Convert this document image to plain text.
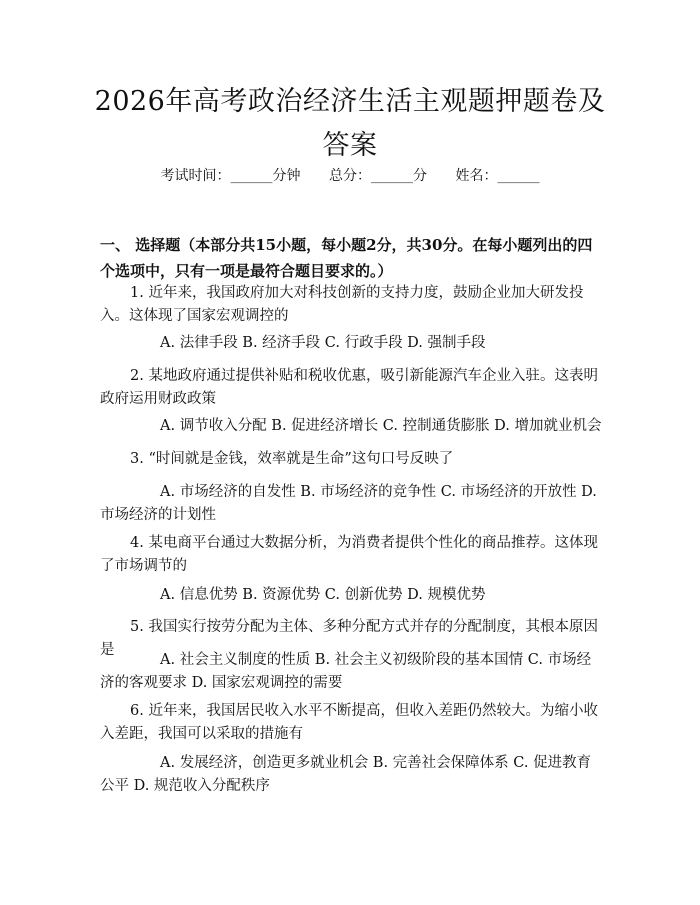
2026年高考政治经济生活主观题押题卷及答案
考试时间：______分钟 总分：______分 姓名：______
一、 选择题（本部分共15小题，每小题2分，共30分。在每小题列出的四个选项中，只有一项是最符合题目要求的。）
1. 近年来，我国政府加大对科技创新的支持力度，鼓励企业加大研发投入。这体现了国家宏观调控的
A. 法律手段 B. 经济手段 C. 行政手段 D. 强制手段
2. 某地政府通过提供补贴和税收优惠，吸引新能源汽车企业入驻。这表明政府运用财政政策
A. 调节收入分配 B. 促进经济增长 C. 控制通货膨胀 D. 增加就业机会
3. “时间就是金钱，效率就是生命”这句口号反映了
A. 市场经济的自发性 B. 市场经济的竞争性 C. 市场经济的开放性 D. 市场经济的计划性
4. 某电商平台通过大数据分析，为消费者提供个性化的商品推荐。这体现了市场调节的
A. 信息优势 B. 资源优势 C. 创新优势 D. 规模优势
5. 我国实行按劳分配为主体、多种分配方式并存的分配制度，其根本原因是
A. 社会主义制度的性质 B. 社会主义初级阶段的基本国情 C. 市场经济的客观要求 D. 国家宏观调控的需要
6. 近年来，我国居民收入水平不断提高，但收入差距仍然较大。为缩小收入差距，我国可以采取的措施有
A. 发展经济，创造更多就业机会 B. 完善社会保障体系 C. 促进教育公平 D. 规范收入分配秩序
